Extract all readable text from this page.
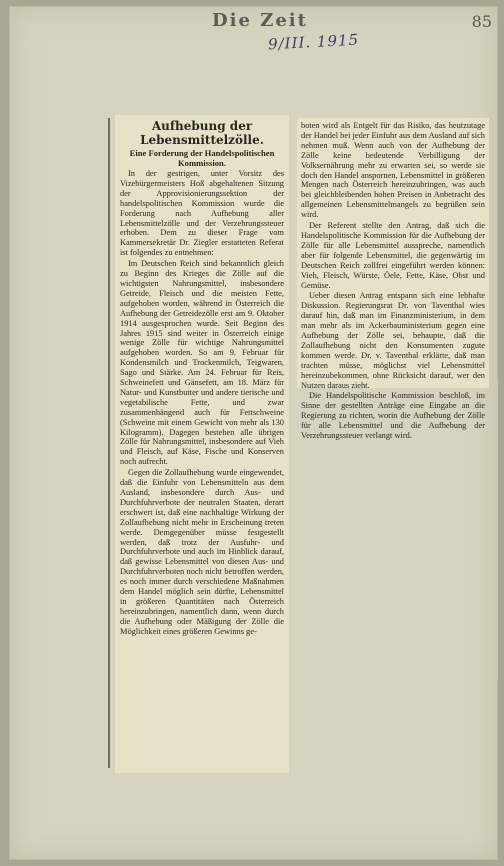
Die Zeit	85
9/III. 1915

Aufhebung der Lebensmittelzölle.

Eine Forderung der Handelspolitischen Kommission.

In der gestrigen, unter Vorsitz des Vizebürgermeisters Hoß abgehaltenen Sitzung der Approvisionierungssektion der handelspolitischen Kommission wurde die Forderung nach Aufhebung aller Lebensmittelzölle und der Verzehrungssteuer erhoben. Dem zu dieser Frage vom Kammersekretär Dr. Ziegler erstatteten Referat ist folgendes zu entnehmen:

Im Deutschen Reich sind bekanntlich gleich zu Beginn des Krieges die Zölle auf die wichtigsten Nahrungsmittel, insbesondere Getreide, Fleisch und die meisten Fette, aufgehoben worden, während in Österreich die Aufhebung der Getreidezölle erst am 9. Oktober 1914 ausgesprochen wurde. Seit Beginn des Jahres 1915 sind weiter in Österreich einige wenige Zölle für wichtige Nahrungsmittel aufgehoben worden. So am 9. Februar für Kondensmilch und Trockenmilch, Teigwaren, Sago und Stärke. Am 24. Februar für Reis, Schweinefett und Gänsefett, am 18. März für Natur- und Kunstbutter und andere tierische und vegetabilische Fette, und zwar zusammenhängend auch für Fettschweine (Schweine mit einem Gewicht von mehr als 130 Kilogramm). Dagegen bestehen alle übrigen Zölle für Nahrungsmittel, insbesondere auf Vieh und Fleisch, auf Käse, Fische und Konserven noch aufrecht.

Gegen die Zollaufhebung wurde eingewendet, daß die Einfuhr von Lebensmitteln aus dem Ausland, insbesondere durch Aus- und Durchfuhrverbote der neutralen Staaten, derart erschwert ist, daß eine nachhaltige Wirkung der Zollaufhebung nicht mehr in Erscheinung treten werde. Demgegenüber müsse festgestellt werden, daß trotz der Ausfuhr- und Durchfuhrverbote und auch im Hinblick darauf, daß gewisse Lebensmittel von diesen Aus- und Durchfuhrverboten noch nicht betroffen werden, es noch immer durch verschiedene Maßnahmen dem Handel möglich sein dürfte, Lebensmittel in größeren Quantitäten nach Österreich hereinzubringen, namentlich dann, wenn durch die Aufhebung oder Mäßigung der Zölle die Möglichkeit eines größeren Gewinns ge-

boten wird als Entgelt für das Risiko, das heutzutage der Handel bei jeder Einfuhr aus dem Ausland auf sich nehmen muß. Wenn auch von der Aufhebung der Zölle keine bedeutende Verbilligung der Volksernährung mehr zu erwarten sei, so werde sie doch den Handel anspornen, Lebensmittel in größeren Mengen nach Österreich hereinzubringen, was auch bei gleichbleibenden hohen Preisen in Anbetracht des allgemeinen Lebensmittelmangels zu begrüßen sein wird.

Der Referent stellte den Antrag, daß sich die Handelspolitische Kommission für die Aufhebung der Zölle für alle Lebensmittel ausspreche, namentlich aber für folgende Lebensmittel, die gegenwärtig im Deutschen Reich zollfrei eingeführt werden können: Vieh, Fleisch, Würste, Öele, Fette, Käse, Obst und Gemüse.

Ueber diesen Antrag entspann sich eine lebhafte Diskussion. Regierungsrat Dr. von Taventhal wies darauf hin, daß man im Finanzministerium, in dem man mehr als im Ackerbauministerium gegen eine Aufhebung der Zölle sei, behaupte, daß die Zollaufhebung nicht den Konsumenten zugute kommen werde. Dr. v. Taventhal erklärte, daß man trachten müsse, möglichst viel Lebensmittel hereinzubekommen, ohne Rücksicht darauf, wer den Nutzen daraus zieht.

Die Handelspolitische Kommission beschloß, im Sinne der gestellten Anträge eine Eingabe an die Regierung zu richten, worin die Aufhebung der Zölle für alle Lebensmittel und die Aufhebung der Verzehrungssteuer verlangt wird.
